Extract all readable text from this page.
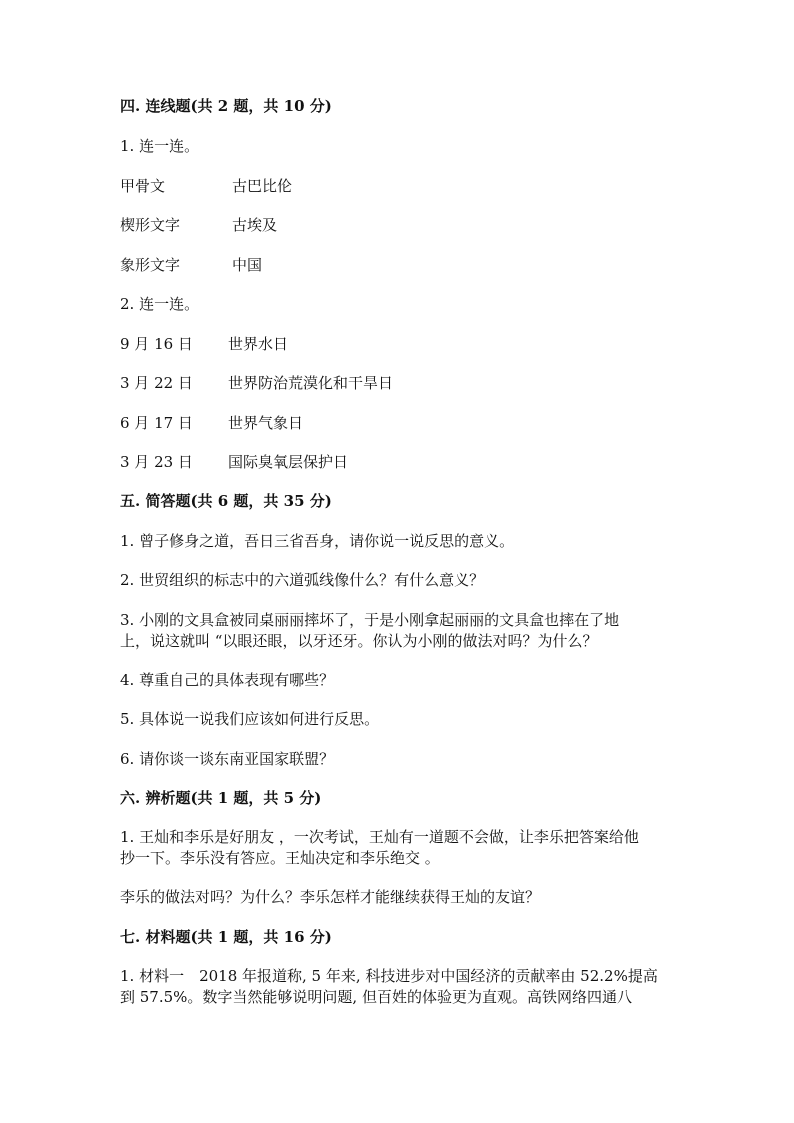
四. 连线题(共 2 题，共 10 分)
1. 连一连。
甲骨文	古巴比伦
楔形文字	古埃及
象形文字	中国
2. 连一连。
9 月 16 日 世界水日
3 月 22 日 世界防治荒漠化和干旱日
6 月 17 日 世界气象日
3 月 23 日 国际臭氧层保护日
五. 简答题(共 6 题，共 35 分)
1. 曾子修身之道，吾日三省吾身，请你说一说反思的意义。
2. 世贸组织的标志中的六道弧线像什么？有什么意义？
3. 小刚的文具盒被同桌丽丽摔坏了，于是小刚拿起丽丽的文具盒也摔在了地
上，说这就叫 “以眼还眼，以牙还牙。你认为小刚的做法对吗？为什么？
4. 尊重自己的具体表现有哪些？
5. 具体说一说我们应该如何进行反思。
6. 请你谈一谈东南亚国家联盟？
六. 辨析题(共 1 题，共 5 分)
1. 王灿和李乐是好朋友 ，一次考试，王灿有一道题不会做，让李乐把答案给他
抄一下。李乐没有答应。王灿决定和李乐绝交 。
李乐的做法对吗？为什么？李乐怎样才能继续获得王灿的友谊？
七. 材料题(共 1 题，共 16 分)
1. 材料一　2018 年报道称, 5 年来, 科技进步对中国经济的贡献率由 52.2%提高
到 57.5%。数字当然能够说明问题, 但百姓的体验更为直观。高铁网络四通八
